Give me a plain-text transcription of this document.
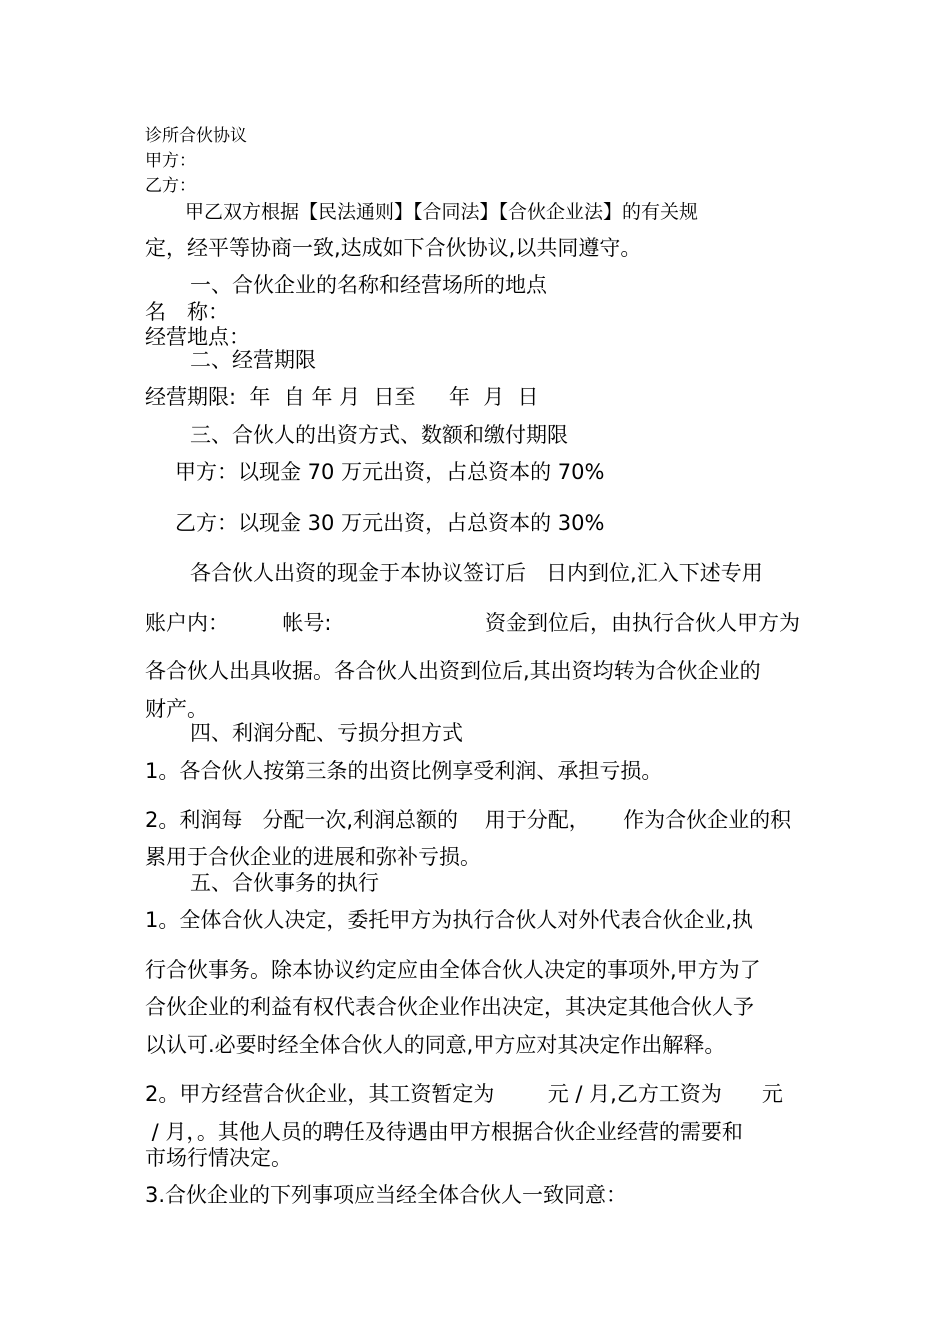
诊所合伙协议
甲方：
乙方：
甲乙双方根据【民法通则】【合同法】【合伙企业法】的有关规
定，经平等协商一致,达成如下合伙协议,以共同遵守。
一、合伙企业的名称和经营场所的地点
名　称：
经营地点：
二、经营期限
经营期限:  年  自 年 月  日至     年  月  日
三、合伙人的出资方式、数额和缴付期限
甲方：以现金 70 万元出资，占总资本的 70%
乙方：以现金 30 万元出资，占总资本的 30%
各合伙人出资的现金于本协议签订后   日内到位,汇入下述专用
账户内：        帐号:                       资金到位后，由执行合伙人甲方为
各合伙人出具收据。各合伙人出资到位后,其出资均转为合伙企业的
财产。
四、利润分配、亏损分担方式
1。各合伙人按第三条的出资比例享受利润、承担亏损。
2。利润每   分配一次,利润总额的    用于分配，     作为合伙企业的积
累用于合伙企业的进展和弥补亏损。
五、合伙事务的执行
1。全体合伙人决定，委托甲方为执行合伙人对外代表合伙企业,执
行合伙事务。除本协议约定应由全体合伙人决定的事项外,甲方为了
合伙企业的利益有权代表合伙企业作出决定，其决定其他合伙人予
以认可.必要时经全体合伙人的同意,甲方应对其决定作出解释。
2。甲方经营合伙企业，其工资暂定为        元 / 月,乙方工资为      元
/ 月，。其他人员的聘任及待遇由甲方根据合伙企业经营的需要和
市场行情决定。
3.合伙企业的下列事项应当经全体合伙人一致同意：
